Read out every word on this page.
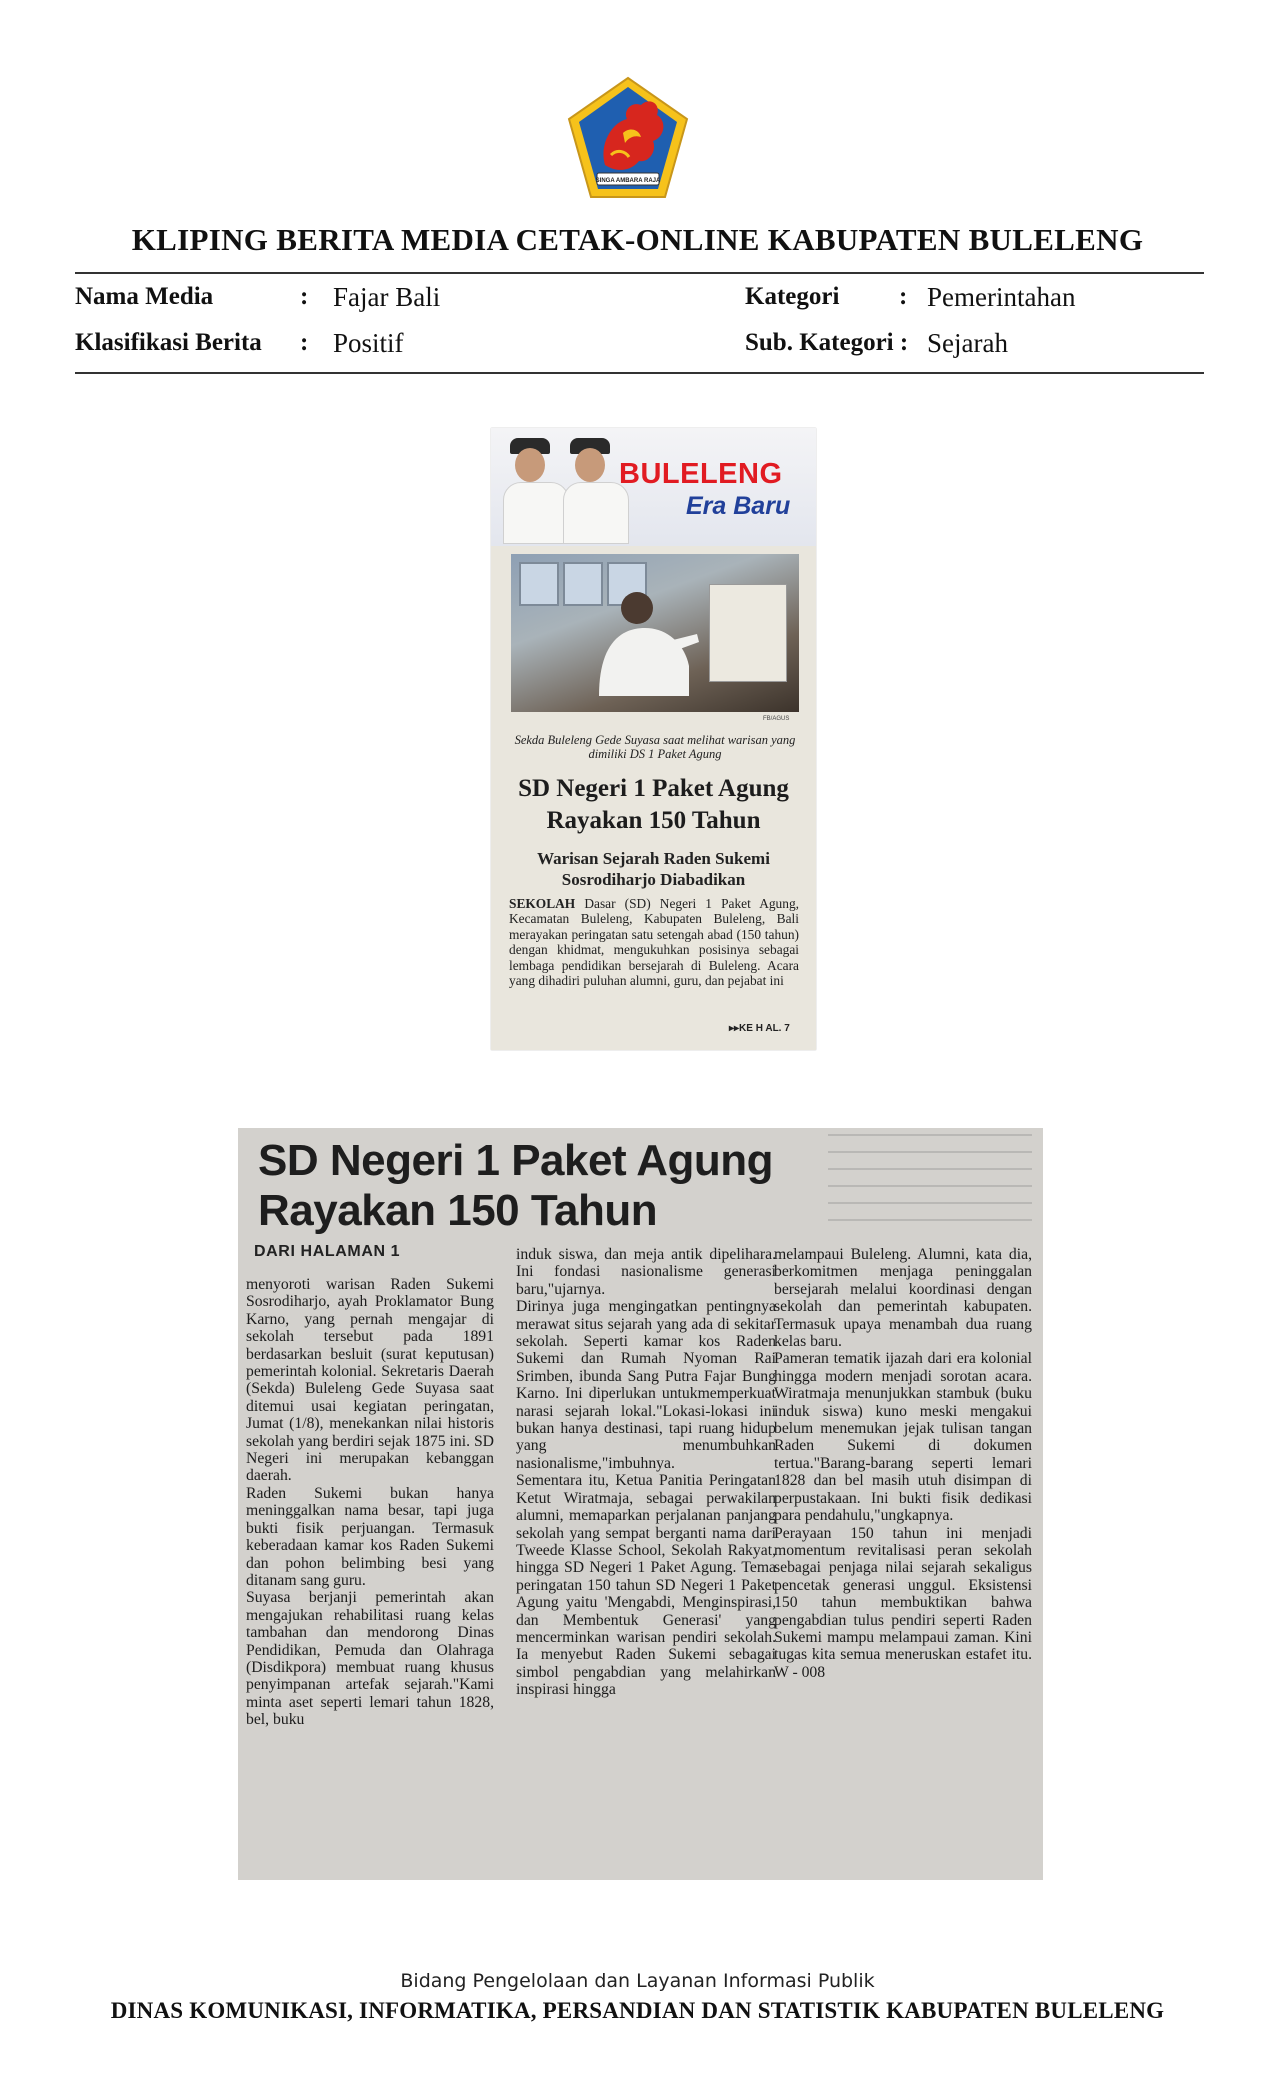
SINGA AMBARA RAJA
KLIPING BERITA MEDIA CETAK-ONLINE KABUPATEN BULELENG
Nama Media	: Fajar Bali
Klasifikasi Berita : Positif
Kategori : Pemerintahan
Sub. Kategori : Sejarah
BULELENG
Era Baru
FB/AGUS
Sekda Buleleng Gede Suyasa saat melihat warisan yang dimiliki DS 1 Paket Agung
SD Negeri 1 Paket Agung Rayakan 150 Tahun
Warisan Sejarah Raden Sukemi Sosrodiharjo Diabadikan
SEKOLAH Dasar (SD) Negeri 1 Paket Agung, Kecamatan Buleleng, Kabupaten Buleleng, Bali merayakan peringatan satu setengah abad (150 tahun) dengan khidmat, mengukuhkan posisinya sebagai lembaga pendidikan bersejarah di Buleleng. Acara yang dihadiri puluhan alumni, guru, dan pejabat ini
▸▸KE H AL. 7
SD Negeri 1 Paket Agung Rayakan 150 Tahun
DARI HALAMAN 1
menyoroti warisan Raden Sukemi Sosrodiharjo, ayah Proklamator Bung Karno, yang pernah mengajar di sekolah tersebut pada 1891 berdasarkan besluit (surat keputusan) pemerintah kolonial. Sekretaris Daerah (Sekda) Buleleng Gede Suyasa saat ditemui usai kegiatan peringatan, Jumat (1/8), menekankan nilai historis sekolah yang berdiri sejak 1875 ini. SD Negeri ini merupakan kebanggan daerah.
Raden Sukemi bukan hanya meninggalkan nama besar, tapi juga bukti fisik perjuangan. Termasuk keberadaan kamar kos Raden Sukemi dan pohon belimbing besi yang ditanam sang guru.
Suyasa berjanji pemerintah akan mengajukan rehabilitasi ruang kelas tambahan dan mendorong Dinas Pendidikan, Pemuda dan Olahraga (Disdikpora) membuat ruang khusus penyimpanan artefak sejarah."Kami minta aset seperti lemari tahun 1828, bel, buku
induk siswa, dan meja antik dipelihara. Ini fondasi nasionalisme generasi baru,"ujarnya.
Dirinya juga mengingatkan pentingnya merawat situs sejarah yang ada di sekitar sekolah. Seperti kamar kos Raden Sukemi dan Rumah Nyoman Rai Srimben, ibunda Sang Putra Fajar Bung Karno. Ini diperlukan untukmemperkuat narasi sejarah lokal."Lokasi-lokasi ini bukan hanya destinasi, tapi ruang hidup yang menumbuhkan nasionalisme,"imbuhnya.
Sementara itu, Ketua Panitia Peringatan Ketut Wiratmaja, sebagai perwakilan alumni, memaparkan perjalanan panjang sekolah yang sempat berganti nama dari Tweede Klasse School, Sekolah Rakyat, hingga SD Negeri 1 Paket Agung. Tema peringatan 150 tahun SD Negeri 1 Paket Agung yaitu 'Mengabdi, Menginspirasi, dan Membentuk Generasi' yang mencerminkan warisan pendiri sekolah. Ia menyebut Raden Sukemi sebagai simbol pengabdian yang melahirkan inspirasi hingga
melampaui Buleleng. Alumni, kata dia, berkomitmen menjaga peninggalan bersejarah melalui koordinasi dengan sekolah dan pemerintah kabupaten. Termasuk upaya menambah dua ruang kelas baru.
Pameran tematik ijazah dari era kolonial hingga modern menjadi sorotan acara. Wiratmaja menunjukkan stambuk (buku induk siswa) kuno meski mengakui belum menemukan jejak tulisan tangan Raden Sukemi di dokumen tertua."Barang-barang seperti lemari 1828 dan bel masih utuh disimpan di perpustakaan. Ini bukti fisik dedikasi para pendahulu,"ungkapnya.
Perayaan 150 tahun ini menjadi momentum revitalisasi peran sekolah sebagai penjaga nilai sejarah sekaligus pencetak generasi unggul. Eksistensi 150 tahun membuktikan bahwa pengabdian tulus pendiri seperti Raden Sukemi mampu melampaui zaman. Kini tugas kita semua meneruskan estafet itu. W - 008
Bidang Pengelolaan dan Layanan Informasi Publik
DINAS KOMUNIKASI, INFORMATIKA, PERSANDIAN DAN STATISTIK KABUPATEN BULELENG
